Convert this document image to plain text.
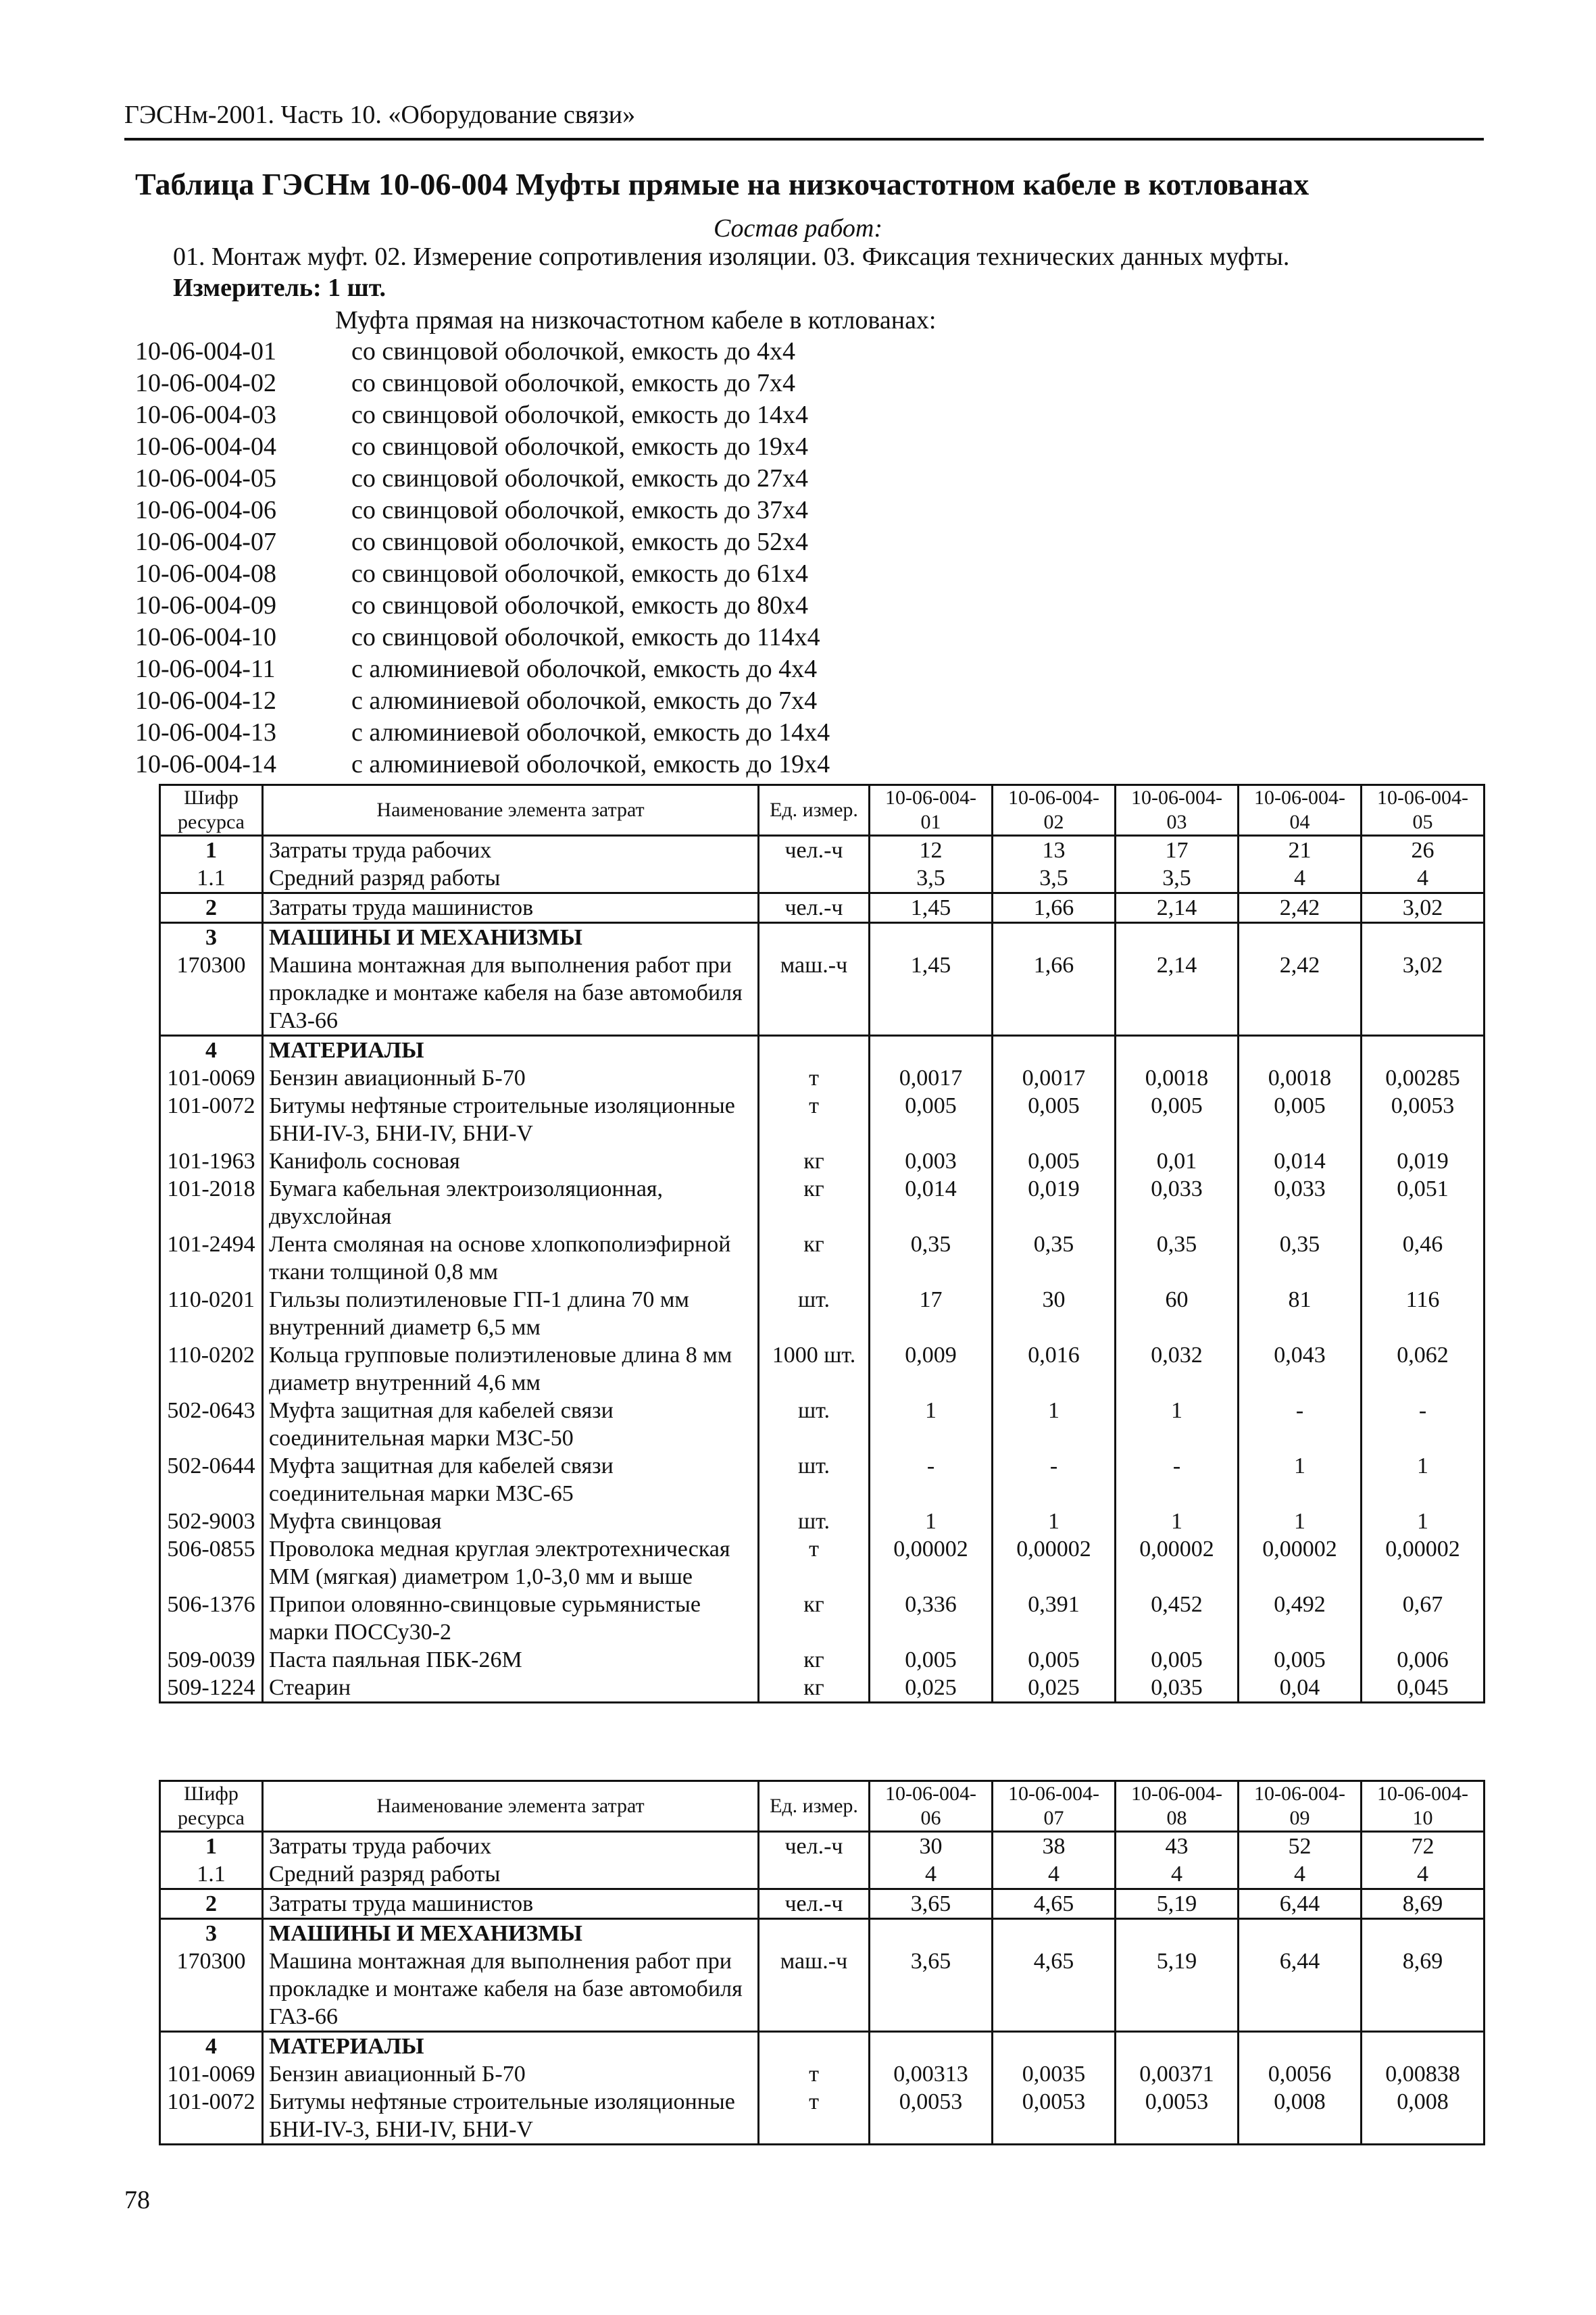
ГЭСНм-2001. Часть 10. «Оборудование связи»
Таблица ГЭСНм 10-06-004 Муфты прямые на низкочастотном кабеле в котлованах
Состав работ:
01. Монтаж муфт. 02. Измерение сопротивления изоляции. 03. Фиксация технических данных муфты.
Измеритель: 1 шт.
Муфта прямая на низкочастотном кабеле в котлованах:
10-06-004-01	со свинцовой оболочкой, емкость до 4х4
10-06-004-02	со свинцовой оболочкой, емкость до 7х4
10-06-004-03	со свинцовой оболочкой, емкость до 14х4
10-06-004-04	со свинцовой оболочкой, емкость до 19х4
10-06-004-05	со свинцовой оболочкой, емкость до 27х4
10-06-004-06	со свинцовой оболочкой, емкость до 37х4
10-06-004-07	со свинцовой оболочкой, емкость до 52х4
10-06-004-08	со свинцовой оболочкой, емкость до 61х4
10-06-004-09	со свинцовой оболочкой, емкость до 80х4
10-06-004-10	со свинцовой оболочкой, емкость до 114х4
10-06-004-11	с алюминиевой оболочкой, емкость до 4х4
10-06-004-12	с алюминиевой оболочкой, емкость до 7х4
10-06-004-13	с алюминиевой оболочкой, емкость до 14х4
10-06-004-14	с алюминиевой оболочкой, емкость до 19х4
Шифр ресурса	Наименование элемента затрат	Ед. измер.	10-06-004-01	10-06-004-02	10-06-004-03	10-06-004-04	10-06-004-05
1	Затраты труда рабочих	чел.-ч	12	13	17	21	26
1.1	Средний разряд работы		3,5	3,5	3,5	4	4
2	Затраты труда машинистов	чел.-ч	1,45	1,66	2,14	2,42	3,02
3	МАШИНЫ И МЕХАНИЗМЫ						
170300	Машина монтажная для выполнения работ при прокладке и монтаже кабеля на базе автомобиля ГАЗ-66	маш.-ч	1,45	1,66	2,14	2,42	3,02
4	МАТЕРИАЛЫ						
101-0069	Бензин авиационный Б-70	т	0,0017	0,0017	0,0018	0,0018	0,00285
101-0072	Битумы нефтяные строительные изоляционные БНИ-IV-3, БНИ-IV, БНИ-V	т	0,005	0,005	0,005	0,005	0,0053
101-1963	Канифоль сосновая	кг	0,003	0,005	0,01	0,014	0,019
101-2018	Бумага кабельная электроизоляционная, двухслойная	кг	0,014	0,019	0,033	0,033	0,051
101-2494	Лента смоляная на основе хлопкополиэфирной ткани толщиной 0,8 мм	кг	0,35	0,35	0,35	0,35	0,46
110-0201	Гильзы полиэтиленовые ГП-1 длина 70 мм внутренний диаметр 6,5 мм	шт.	17	30	60	81	116
110-0202	Кольца групповые полиэтиленовые длина 8 мм диаметр внутренний 4,6 мм	1000 шт.	0,009	0,016	0,032	0,043	0,062
502-0643	Муфта защитная для кабелей связи соединительная марки МЗС-50	шт.	1	1	1	-	-
502-0644	Муфта защитная для кабелей связи соединительная марки МЗС-65	шт.	-	-	-	1	1
502-9003	Муфта свинцовая	шт.	1	1	1	1	1
506-0855	Проволока медная круглая электротехническая ММ (мягкая) диаметром 1,0-3,0 мм и выше	т	0,00002	0,00002	0,00002	0,00002	0,00002
506-1376	Припои оловянно-свинцовые сурьмянистые марки ПОССу30-2	кг	0,336	0,391	0,452	0,492	0,67
509-0039	Паста паяльная ПБК-26М	кг	0,005	0,005	0,005	0,005	0,006
509-1224	Стеарин	кг	0,025	0,025	0,035	0,04	0,045
Шифр ресурса	Наименование элемента затрат	Ед. измер.	10-06-004-06	10-06-004-07	10-06-004-08	10-06-004-09	10-06-004-10
1	Затраты труда рабочих	чел.-ч	30	38	43	52	72
1.1	Средний разряд работы		4	4	4	4	4
2	Затраты труда машинистов	чел.-ч	3,65	4,65	5,19	6,44	8,69
3	МАШИНЫ И МЕХАНИЗМЫ						
170300	Машина монтажная для выполнения работ при прокладке и монтаже кабеля на базе автомобиля ГАЗ-66	маш.-ч	3,65	4,65	5,19	6,44	8,69
4	МАТЕРИАЛЫ						
101-0069	Бензин авиационный Б-70	т	0,00313	0,0035	0,00371	0,0056	0,00838
101-0072	Битумы нефтяные строительные изоляционные БНИ-IV-3, БНИ-IV, БНИ-V	т	0,0053	0,0053	0,0053	0,008	0,008
78
